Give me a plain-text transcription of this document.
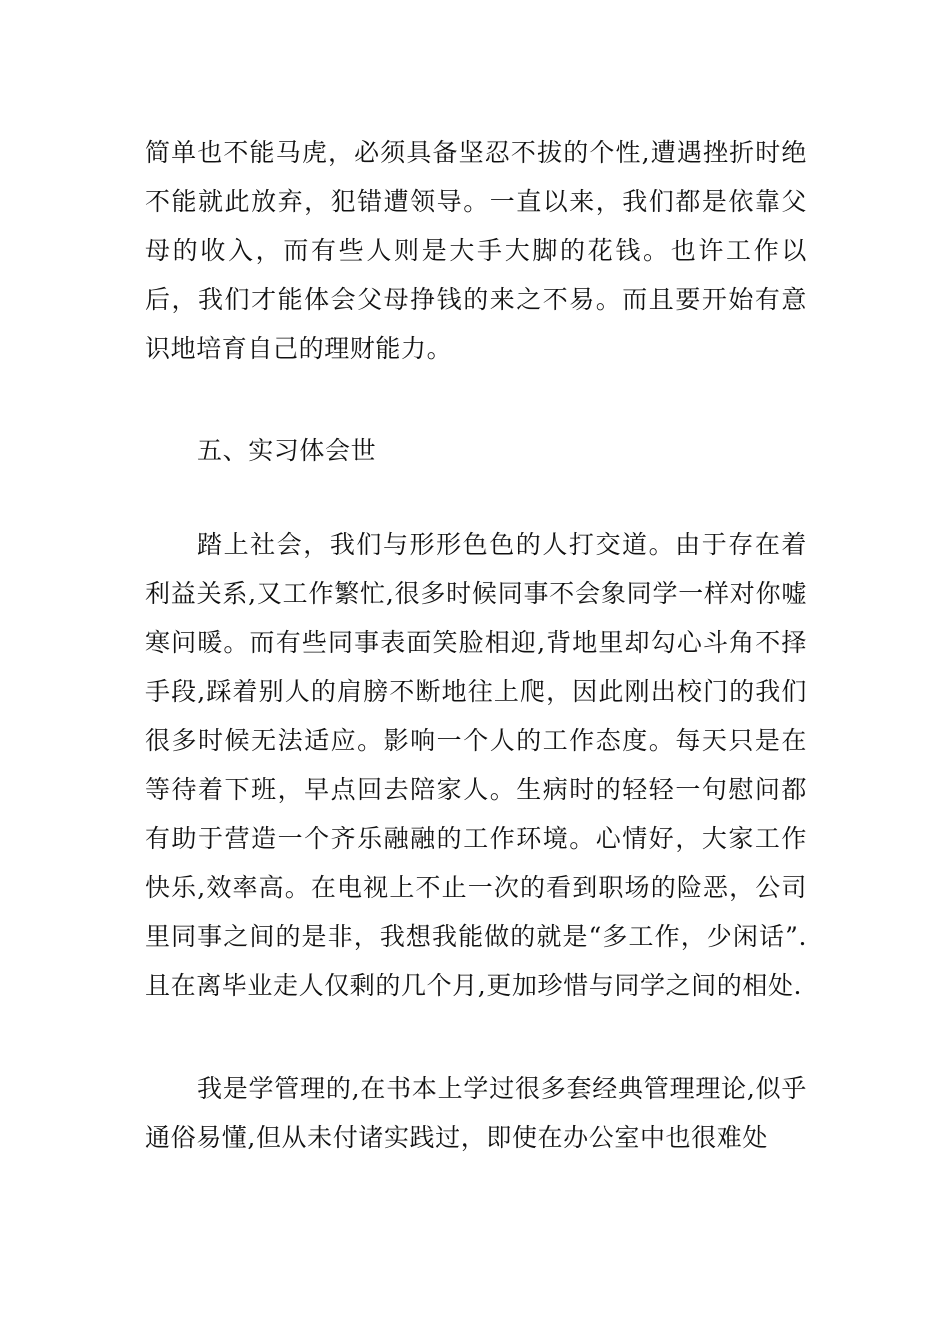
简单也不能马虎，必须具备坚忍不拔的个性,遭遇挫折时绝不能就此放弃，犯错遭领导。一直以来，我们都是依靠父母的收入，而有些人则是大手大脚的花钱。也许工作以后，我们才能体会父母挣钱的来之不易。而且要开始有意识地培育自己的理财能力。

五、实习体会世

踏上社会，我们与形形色色的人打交道。由于存在着利益关系,又工作繁忙,很多时候同事不会象同学一样对你嘘寒问暖。而有些同事表面笑脸相迎,背地里却勾心斗角不择手段,踩着别人的肩膀不断地往上爬，因此刚出校门的我们很多时候无法适应。影响一个人的工作态度。每天只是在等待着下班，早点回去陪家人。生病时的轻轻一句慰问都有助于营造一个齐乐融融的工作环境。心情好，大家工作快乐,效率高。在电视上不止一次的看到职场的险恶，公司里同事之间的是非，我想我能做的就是“多工作，少闲话”.且在离毕业走人仅剩的几个月,更加珍惜与同学之间的相处.

我是学管理的,在书本上学过很多套经典管理理论,似乎通俗易懂,但从未付诸实践过，即使在办公室中也很难处
